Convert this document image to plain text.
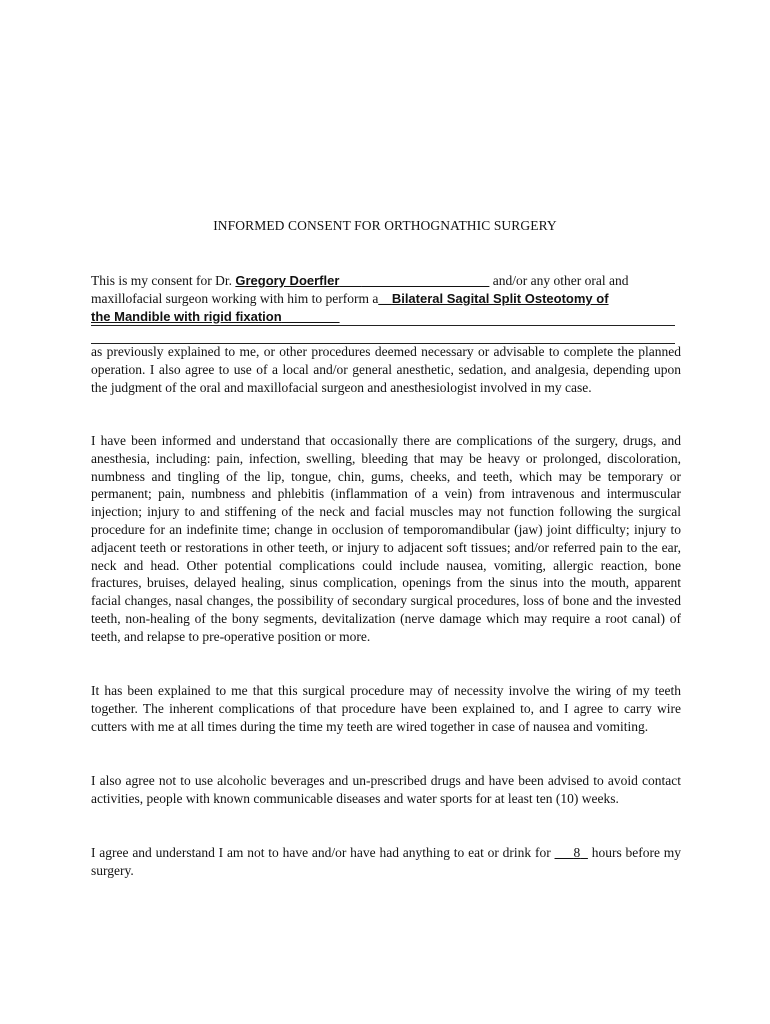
INFORMED CONSENT FOR ORTHOGNATHIC SURGERY
This is my consent for Dr. Gregory Doerfler___	and/or any other oral and
maxillofacial surgeon working with him to perform a__Bilateral Sagital Split Osteotomy of
the Mandible with rigid fixation________
as previously explained to me, or other procedures deemed necessary or advisable to complete the planned operation. I also agree to use of a local and/or general anesthetic, sedation, and analgesia, depending upon the judgment of the oral and maxillofacial surgeon and anesthesiologist involved in my case.
I have been informed and understand that occasionally there are complications of the surgery, drugs, and anesthesia, including: pain, infection, swelling, bleeding that may be heavy or prolonged, discoloration, numbness and tingling of the lip, tongue, chin, gums, cheeks, and teeth, which may be temporary or permanent; pain, numbness and phlebitis (inflammation of a vein) from intravenous and intermuscular injection; injury to and stiffening of the neck and facial muscles may not function following the surgical procedure for an indefinite time; change in occlusion of temporomandibular (jaw) joint difficulty; injury to adjacent teeth or restorations in other teeth, or injury to adjacent soft tissues; and/or referred pain to the ear, neck and head. Other potential complications could include nausea, vomiting, allergic reaction, bone fractures, bruises, delayed healing, sinus complication, openings from the sinus into the mouth, apparent facial changes, nasal changes, the possibility of secondary surgical procedures, loss of bone and the invested teeth, non-healing of the bony segments, devitalization (nerve damage which may require a root canal) of teeth, and relapse to pre-operative position or more.
It has been explained to me that this surgical procedure may of necessity involve the wiring of my teeth together. The inherent complications of that procedure have been explained to, and I agree to carry wire cutters with me at all times during the time my teeth are wired together in case of nausea and vomiting.
I also agree not to use alcoholic beverages and un-prescribed drugs and have been advised to avoid contact activities, people with known communicable diseases and water sports for at least ten (10) weeks.
I agree and understand I am not to have and/or have had anything to eat or drink for 8 hours before my surgery.
